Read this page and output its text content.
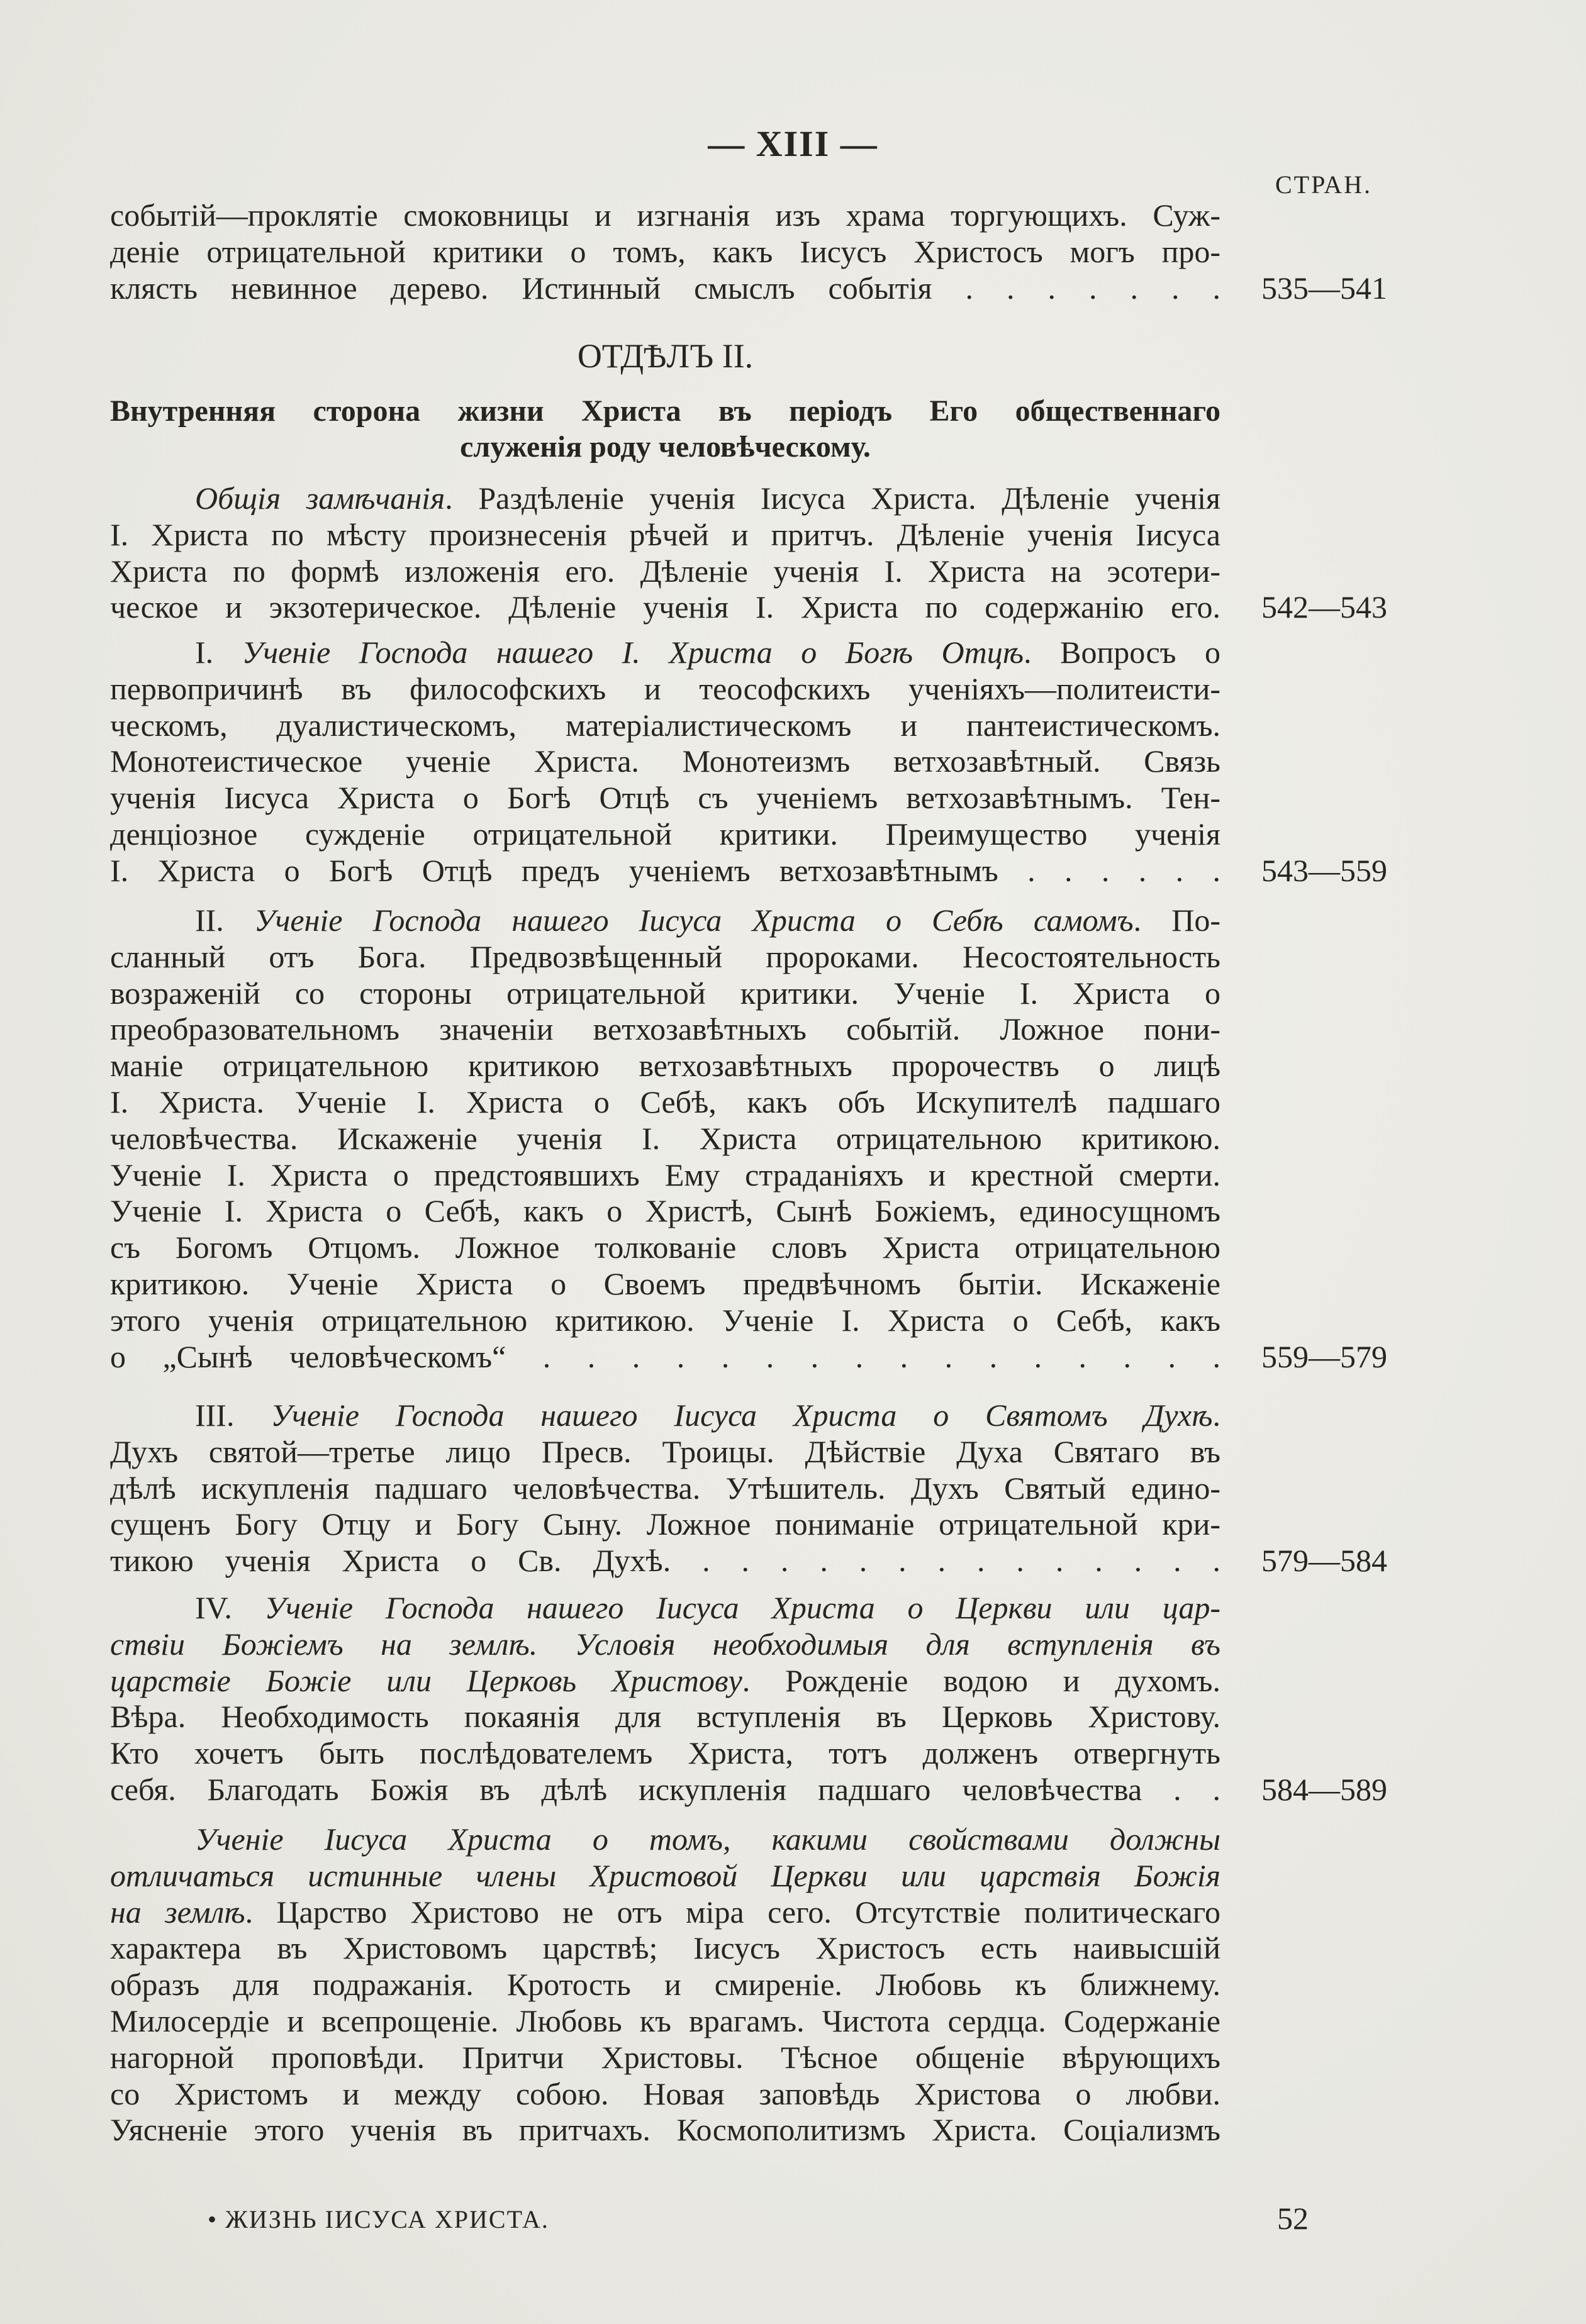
— XIII —
СТРАН.
событій—проклятіе смоковницы и изгнанія изъ храма торгующихъ. Суж-
деніе отрицательной критики о томъ, какъ Іисусъ Христосъ могъ про-
клясть невинное дерево. Истинный смыслъ событія . . . . . . .	535—541
ОТДѢЛЪ II.
Внутренняя сторона жизни Христа въ періодъ Его общественнаго
служенія роду человѣческому.
Общія замѣчанія. Раздѣленіе ученія Іисуса Христа. Дѣленіе ученія
I. Христа по мѣсту произнесенія рѣчей и притчъ. Дѣленіе ученія Іисуса
Христа по формѣ изложенія его. Дѣленіе ученія I. Христа на эсотери-
ческое и экзотерическое. Дѣленіе ученія I. Христа по содержанію его.	542—543
I. Ученіе Господа нашего I. Христа о Богѣ Отцѣ. Вопросъ о
первопричинѣ въ философскихъ и теософскихъ ученіяхъ—политеисти-
ческомъ, дуалистическомъ, матеріалистическомъ и пантеистическомъ.
Монотеистическое ученіе Христа. Монотеизмъ ветхозавѣтный. Связь
ученія Іисуса Христа о Богѣ Отцѣ съ ученіемъ ветхозавѣтнымъ. Тен-
денціозное сужденіе отрицательной критики. Преимущество ученія
I. Христа о Богѣ Отцѣ предъ ученіемъ ветхозавѣтнымъ . . . . . .	543—559
II. Ученіе Господа нашего Іисуса Христа о Себѣ самомъ. По-
сланный отъ Бога. Предвозвѣщенный пророками. Несостоятельность
возраженій со стороны отрицательной критики. Ученіе I. Христа о
преобразовательномъ значеніи ветхозавѣтныхъ событій. Ложное пони-
маніе отрицательною критикою ветхозавѣтныхъ пророчествъ о лицѣ
I. Христа. Ученіе I. Христа о Себѣ, какъ объ Искупителѣ падшаго
человѣчества. Искаженіе ученія I. Христа отрицательною критикою.
Ученіе I. Христа о предстоявшихъ Ему страданіяхъ и крестной смерти.
Ученіе I. Христа о Себѣ, какъ о Христѣ, Сынѣ Божіемъ, единосущномъ
съ Богомъ Отцомъ. Ложное толкованіе словъ Христа отрицательною
критикою. Ученіе Христа о Своемъ предвѣчномъ бытіи. Искаженіе
этого ученія отрицательною критикою. Ученіе I. Христа о Себѣ, какъ
о „Сынѣ человѣческомъ“ . . . . . . . . . . . . . . . .	559—579
III. Ученіе Господа нашего Іисуса Христа о Святомъ Духѣ.
Духъ святой—третье лицо Пресв. Троицы. Дѣйствіе Духа Святаго въ
дѣлѣ искупленія падшаго человѣчества. Утѣшитель. Духъ Святый едино-
сущенъ Богу Отцу и Богу Сыну. Ложное пониманіе отрицательной кри-
тикою ученія Христа о Св. Духѣ. . . . . . . . . . . . . . .	579—584
IV. Ученіе Господа нашего Іисуса Христа о Церкви или цар-
ствіи Божіемъ на землѣ. Условія необходимыя для вступленія въ
царствіе Божіе или Церковь Христову. Рожденіе водою и духомъ.
Вѣра. Необходимость покаянія для вступленія въ Церковь Христову.
Кто хочетъ быть послѣдователемъ Христа, тотъ долженъ отвергнуть
себя. Благодать Божія въ дѣлѣ искупленія падшаго человѣчества . .	584—589
Ученіе Іисуса Христа о томъ, какими свойствами должны
отличаться истинные члены Христовой Церкви или царствія Божія
на землѣ. Царство Христово не отъ міра сего. Отсутствіе политическаго
характера въ Христовомъ царствѣ; Іисусъ Христосъ есть наивысшій
образъ для подражанія. Кротость и смиреніе. Любовь къ ближнему.
Милосердіе и всепрощеніе. Любовь къ врагамъ. Чистота сердца. Содержаніе
нагорной проповѣди. Притчи Христовы. Тѣсное общеніе вѣрующихъ
со Христомъ и между собою. Новая заповѣдь Христова о любви.
Уясненіе этого ученія въ притчахъ. Космополитизмъ Христа. Соціализмъ
• ЖИЗНЬ ІИСУСА ХРИСТА.	52
